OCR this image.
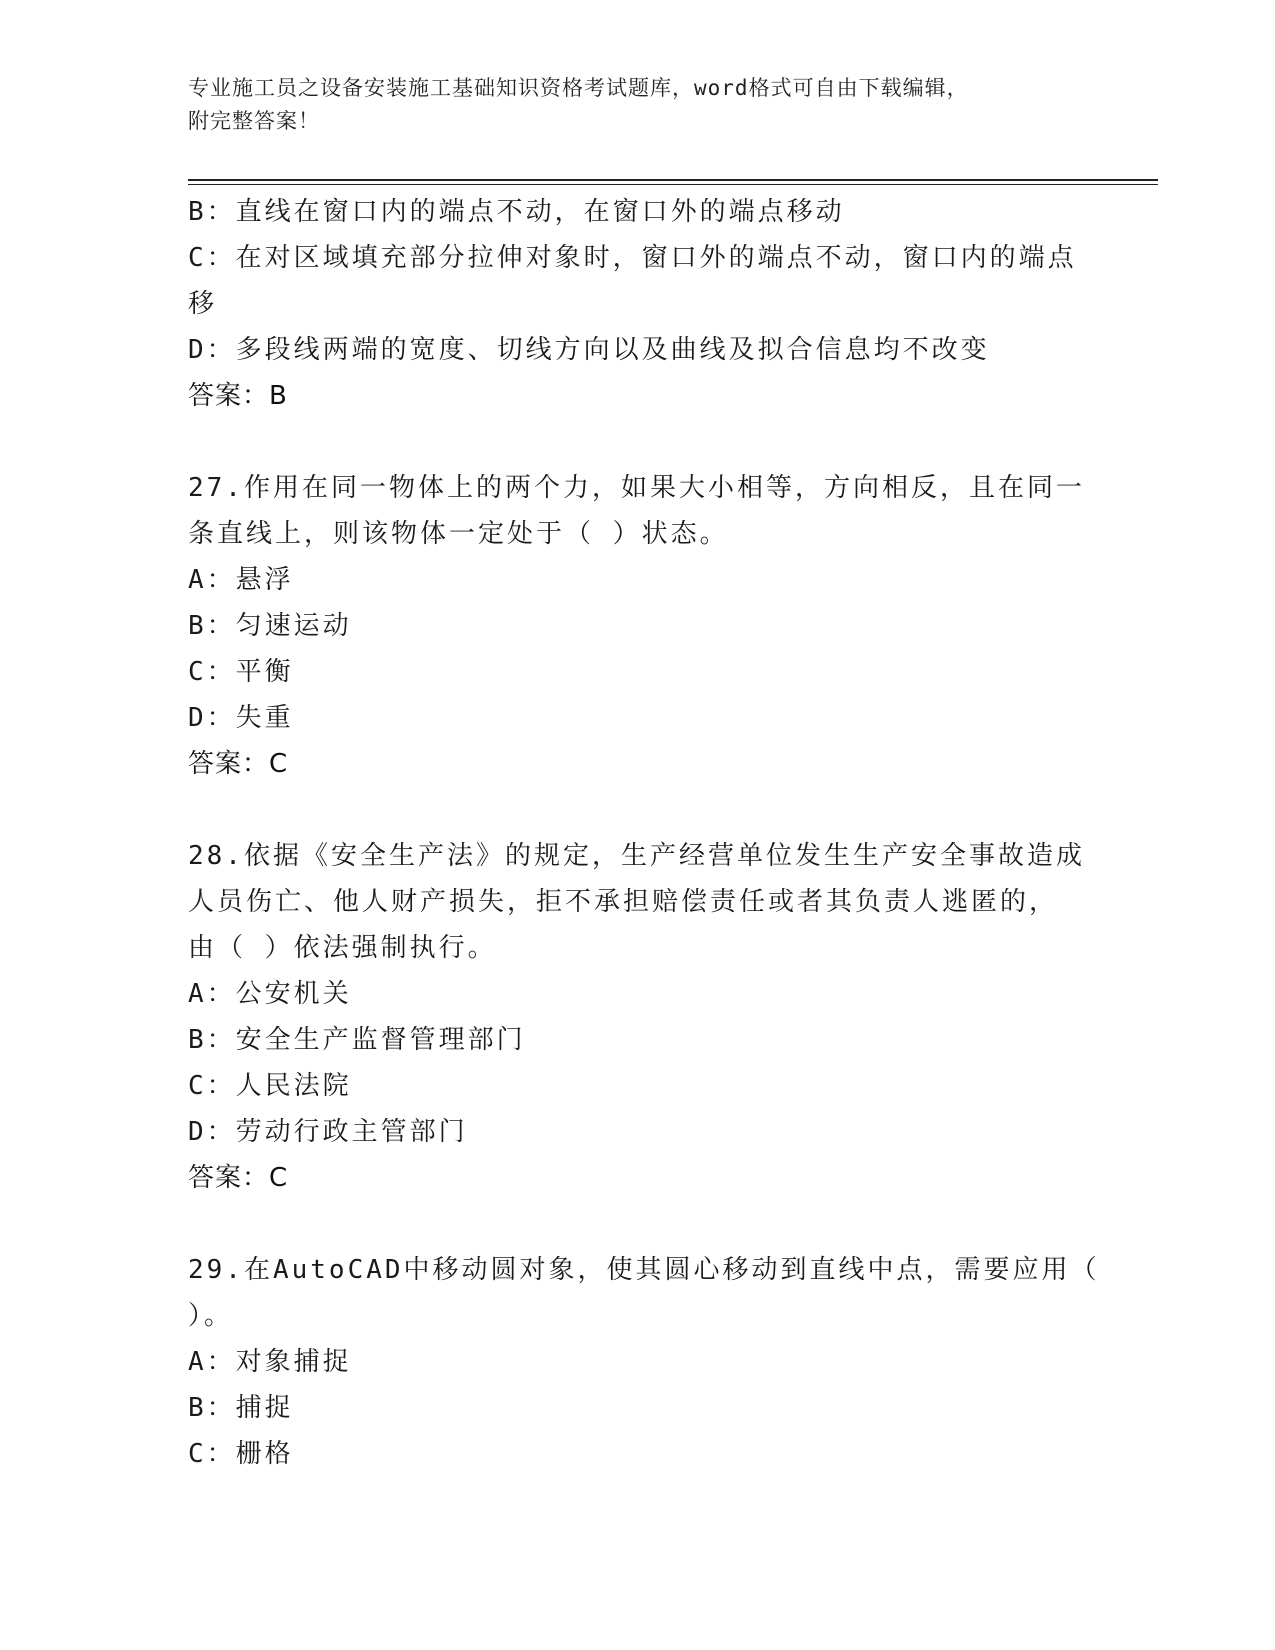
专业施工员之设备安装施工基础知识资格考试题库，word格式可自由下载编辑，
附完整答案！
B：直线在窗口内的端点不动，在窗口外的端点移动
C：在对区域填充部分拉伸对象时，窗口外的端点不动，窗口内的端点
移
D：多段线两端的宽度、切线方向以及曲线及拟合信息均不改变
答案：B
27.作用在同一物体上的两个力，如果大小相等，方向相反，且在同一
条直线上，则该物体一定处于（ ）状态。
A：悬浮
B：匀速运动
C：平衡
D：失重
答案：C
28.依据《安全生产法》的规定，生产经营单位发生生产安全事故造成
人员伤亡、他人财产损失，拒不承担赔偿责任或者其负责人逃匿的，
由（ ）依法强制执行。
A：公安机关
B：安全生产监督管理部门
C：人民法院
D：劳动行政主管部门
答案：C
29.在AutoCAD中移动圆对象，使其圆心移动到直线中点，需要应用（
）。
A：对象捕捉
B：捕捉
C：栅格
